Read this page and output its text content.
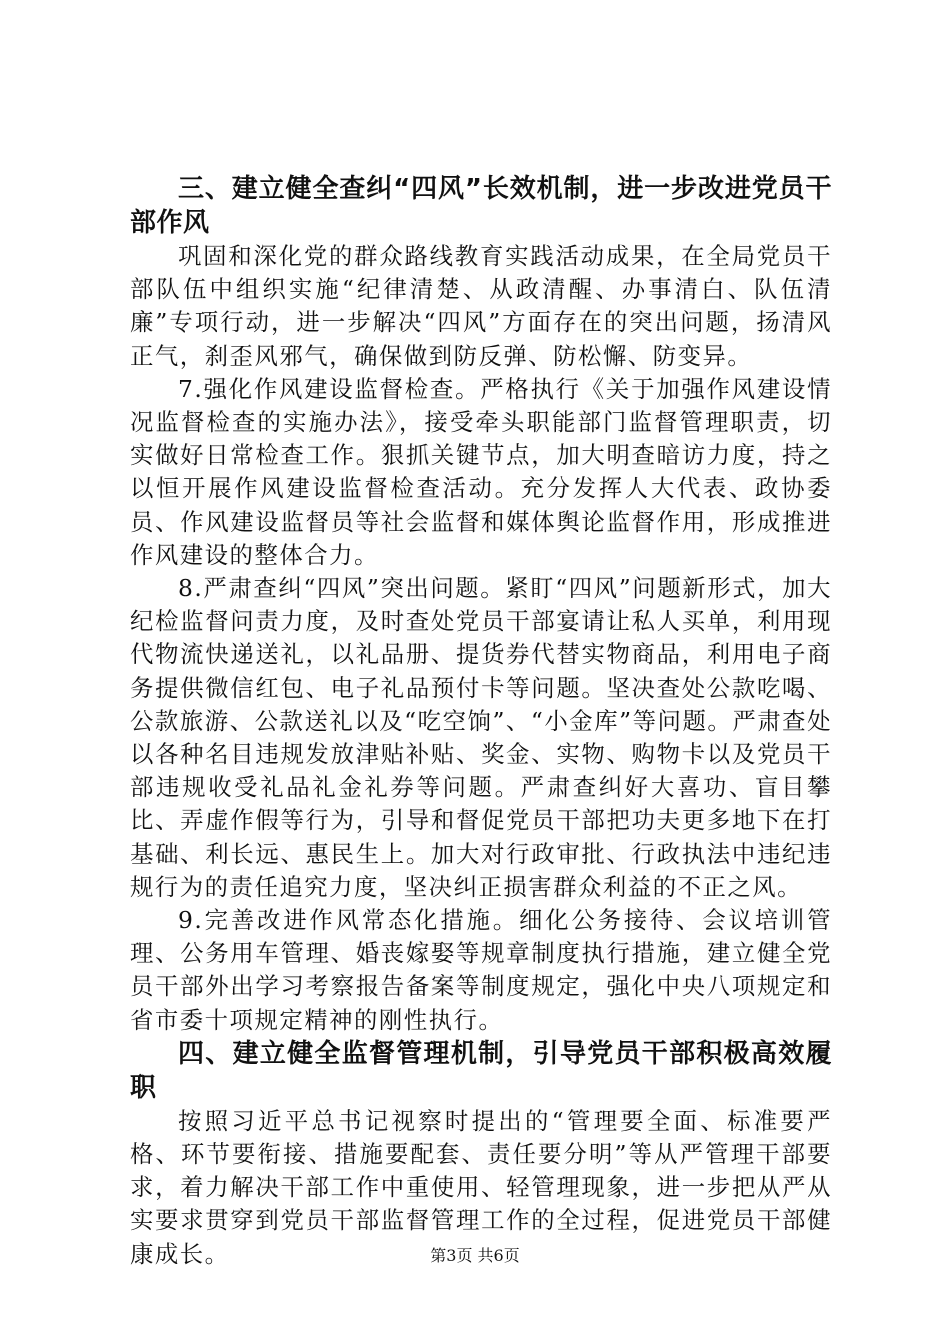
三、建立健全查纠“四风”长效机制，进一步改进党员干部作风

巩固和深化党的群众路线教育实践活动成果，在全局党员干部队伍中组织实施“纪律清楚、从政清醒、办事清白、队伍清廉”专项行动，进一步解决“四风”方面存在的突出问题，扬清风正气，刹歪风邪气，确保做到防反弹、防松懈、防变异。

7.强化作风建设监督检查。严格执行《关于加强作风建设情况监督检查的实施办法》，接受牵头职能部门监督管理职责，切实做好日常检查工作。狠抓关键节点，加大明查暗访力度，持之以恒开展作风建设监督检查活动。充分发挥人大代表、政协委员、作风建设监督员等社会监督和媒体舆论监督作用，形成推进作风建设的整体合力。

8.严肃查纠“四风”突出问题。紧盯“四风”问题新形式，加大纪检监督问责力度，及时查处党员干部宴请让私人买单，利用现代物流快递送礼，以礼品册、提货券代替实物商品，利用电子商务提供微信红包、电子礼品预付卡等问题。坚决查处公款吃喝、公款旅游、公款送礼以及“吃空饷”、“小金库”等问题。严肃查处以各种名目违规发放津贴补贴、奖金、实物、购物卡以及党员干部违规收受礼品礼金礼券等问题。严肃查纠好大喜功、盲目攀比、弄虚作假等行为，引导和督促党员干部把功夫更多地下在打基础、利长远、惠民生上。加大对行政审批、行政执法中违纪违规行为的责任追究力度，坚决纠正损害群众利益的不正之风。

9.完善改进作风常态化措施。细化公务接待、会议培训管理、公务用车管理、婚丧嫁娶等规章制度执行措施，建立健全党员干部外出学习考察报告备案等制度规定，强化中央八项规定和省市委十项规定精神的刚性执行。

四、建立健全监督管理机制，引导党员干部积极高效履职

按照习近平总书记视察时提出的“管理要全面、标准要严格、环节要衔接、措施要配套、责任要分明”等从严管理干部要求，着力解决干部工作中重使用、轻管理现象，进一步把从严从实要求贯穿到党员干部监督管理工作的全过程，促进党员干部健康成长。	第3页 共6页
